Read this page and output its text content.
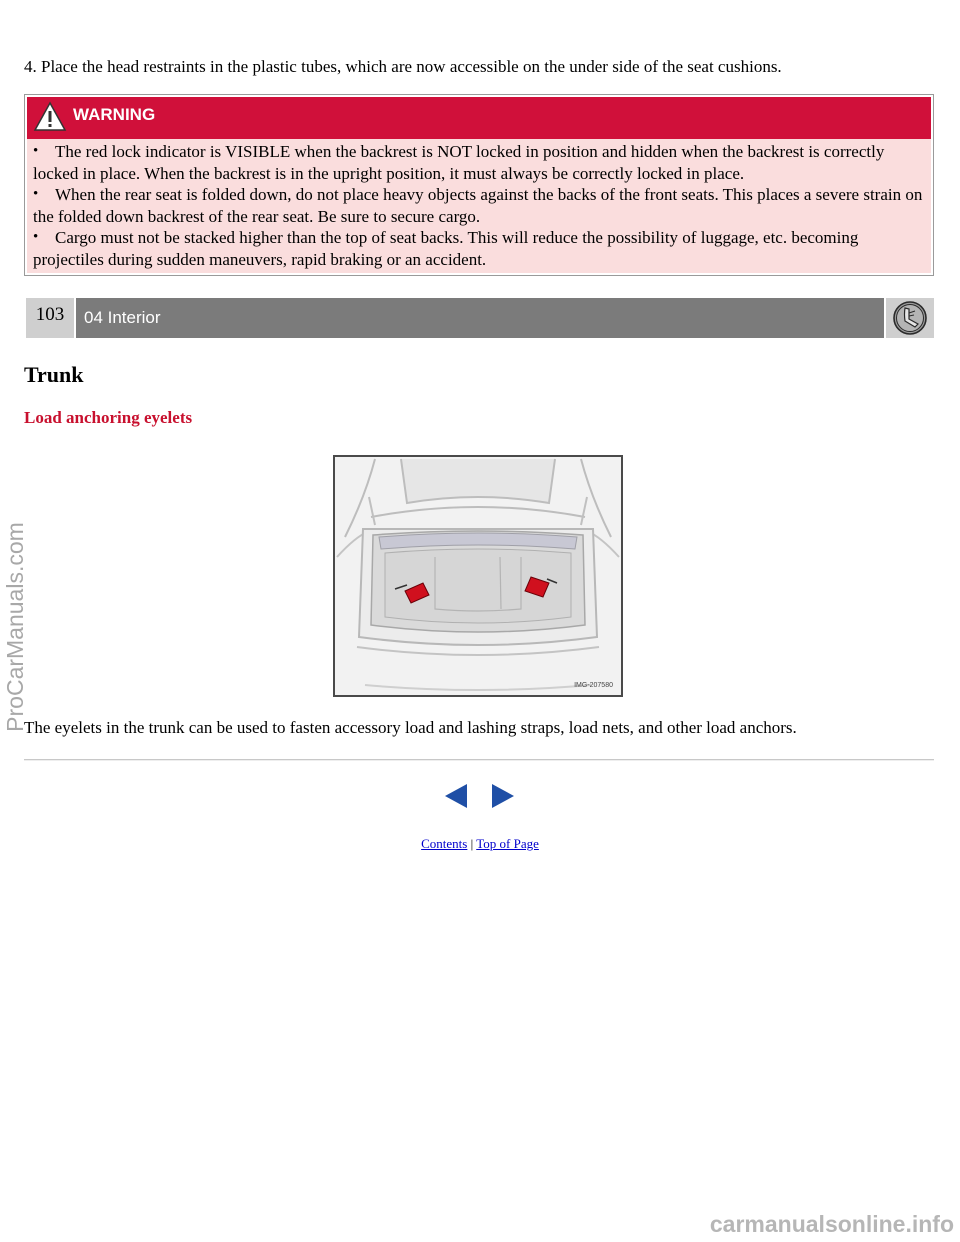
4. Place the head restraints in the plastic tubes, which are now accessible on the under side of the seat cushions.

WARNING
• The red lock indicator is VISIBLE when the backrest is NOT locked in position and hidden when the backrest is correctly locked in place. When the backrest is in the upright position, it must always be correctly locked in place.
• When the rear seat is folded down, do not place heavy objects against the backs of the front seats. This places a severe strain on the folded down backrest of the rear seat. Be sure to secure cargo.
• Cargo must not be stacked higher than the top of seat backs. This will reduce the possibility of luggage, etc. becoming projectiles during sudden maneuvers, rapid braking or an accident.
103	04 Interior
Trunk
Load anchoring eyelets
IMG-207580

The eyelets in the trunk can be used to fasten accessory load and lashing straps, load nets, and other load anchors.

Contents | Top of Page
ProCarManuals.com
carmanualsonline.info
